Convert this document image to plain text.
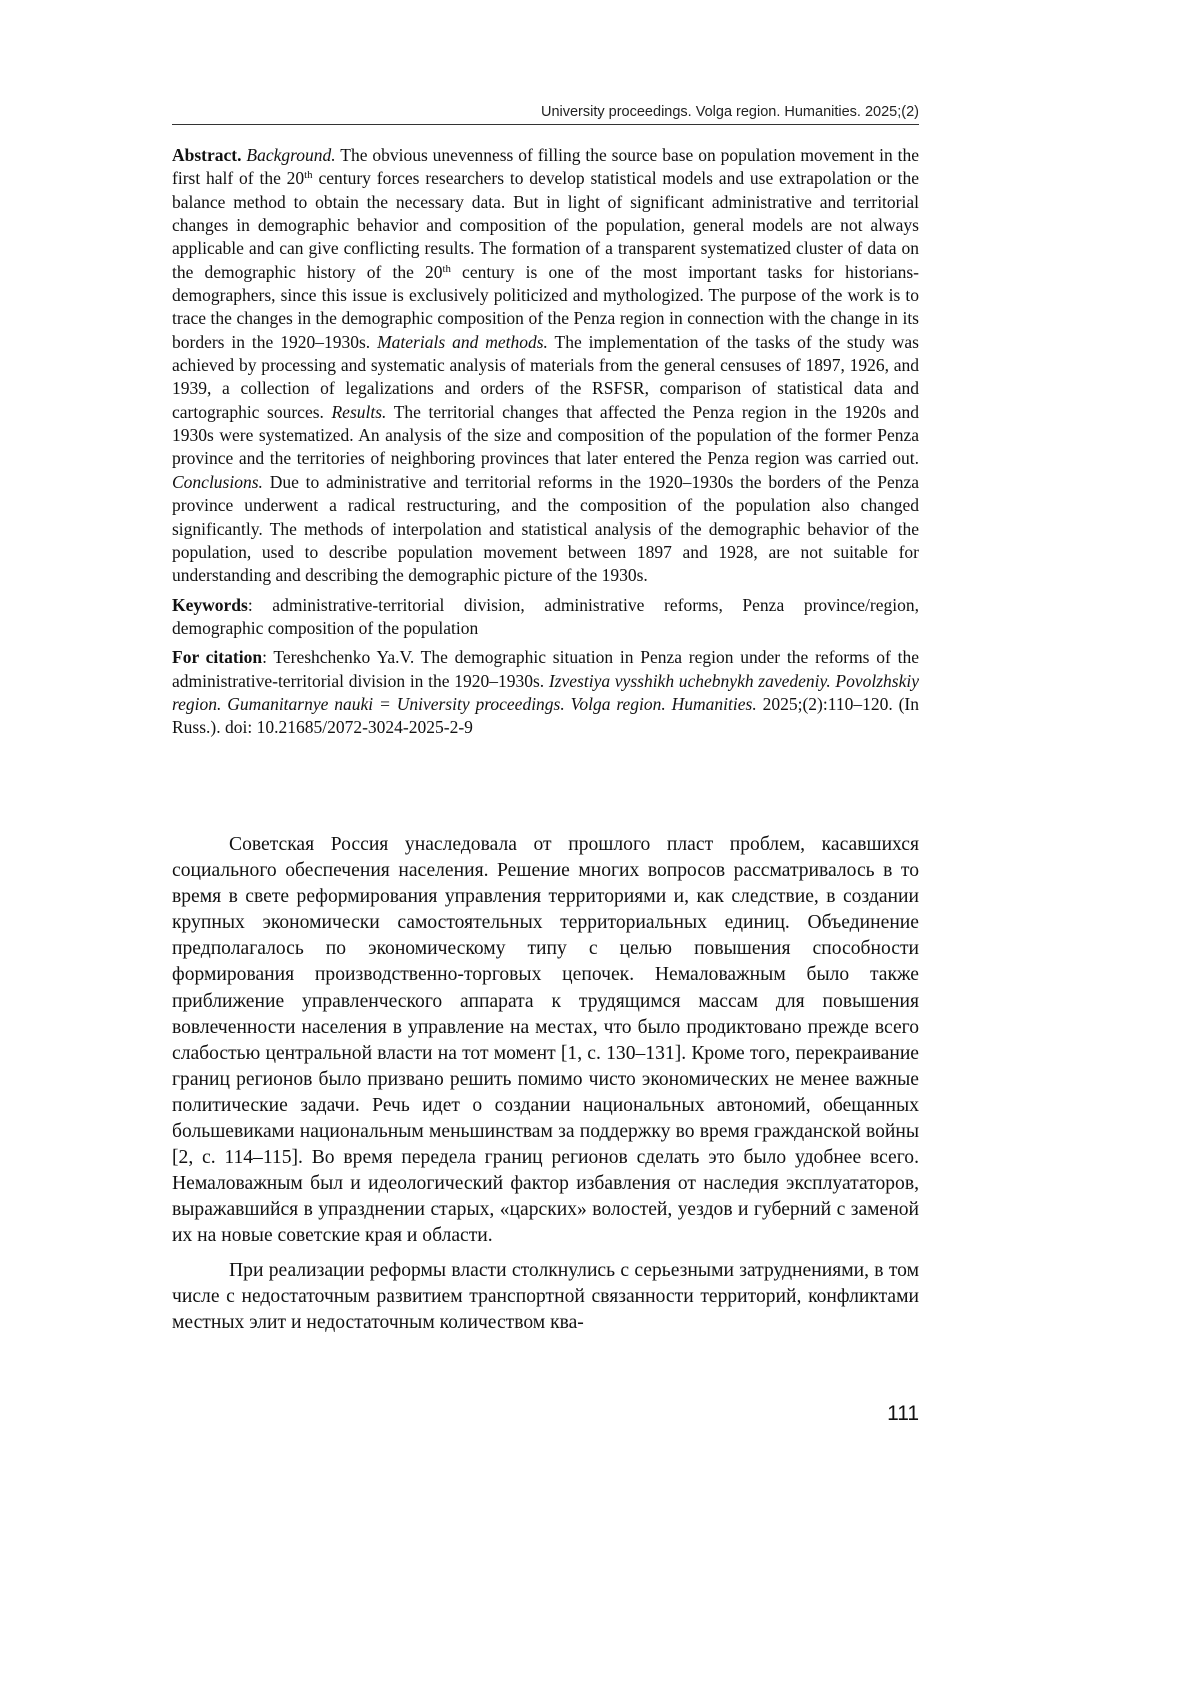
University proceedings. Volga region. Humanities. 2025;(2)

Abstract. Background. The obvious unevenness of filling the source base on population movement in the first half of the 20th century forces researchers to develop statistical models and use extrapolation or the balance method to obtain the necessary data. But in light of significant administrative and territorial changes in demographic behavior and composition of the population, general models are not always applicable and can give conflicting results. The formation of a transparent systematized cluster of data on the demographic history of the 20th century is one of the most important tasks for historians-demographers, since this issue is exclusively politicized and mythologized. The purpose of the work is to trace the changes in the demographic composition of the Penza region in connection with the change in its borders in the 1920–1930s. Materials and methods. The implementation of the tasks of the study was achieved by processing and systematic analysis of materials from the general censuses of 1897, 1926, and 1939, a collection of legalizations and orders of the RSFSR, comparison of statistical data and cartographic sources. Results. The territorial changes that affected the Penza region in the 1920s and 1930s were systematized. An analysis of the size and composition of the population of the former Penza province and the territories of neighboring provinces that later entered the Penza region was carried out. Conclusions. Due to administrative and territorial reforms in the 1920–1930s the borders of the Penza province underwent a radical restructuring, and the composition of the population also changed significantly. The methods of interpolation and statistical analysis of the demographic behavior of the population, used to describe population movement between 1897 and 1928, are not suitable for understanding and describing the demographic picture of the 1930s.

Keywords: administrative-territorial division, administrative reforms, Penza province/region, demographic composition of the population

For citation: Tereshchenko Ya.V. The demographic situation in Penza region under the reforms of the administrative-territorial division in the 1920–1930s. Izvestiya vysshikh uchebnykh zavedeniy. Povolzhskiy region. Gumanitarnye nauki = University proceedings. Volga region. Humanities. 2025;(2):110–120. (In Russ.). doi: 10.21685/2072-3024-2025-2-9

Советская Россия унаследовала от прошлого пласт проблем, касавшихся социального обеспечения населения. Решение многих вопросов рассматривалось в то время в свете реформирования управления территориями и, как следствие, в создании крупных экономически самостоятельных территориальных единиц. Объединение предполагалось по экономическому типу с целью повышения способности формирования производственно-торговых цепочек. Немаловажным было также приближение управленческого аппарата к трудящимся массам для повышения вовлеченности населения в управление на местах, что было продиктовано прежде всего слабостью центральной власти на тот момент [1, с. 130–131]. Кроме того, перекраивание границ регионов было призвано решить помимо чисто экономических не менее важные политические задачи. Речь идет о создании национальных автономий, обещанных большевиками национальным меньшинствам за поддержку во время гражданской войны [2, с. 114–115]. Во время передела границ регионов сделать это было удобнее всего. Немаловажным был и идеологический фактор избавления от наследия эксплуататоров, выражавшийся в упразднении старых, «царских» волостей, уездов и губерний с заменой их на новые советские края и области.

При реализации реформы власти столкнулись с серьезными затруднениями, в том числе с недостаточным развитием транспортной связанности территорий, конфликтами местных элит и недостаточным количеством ква-

111
